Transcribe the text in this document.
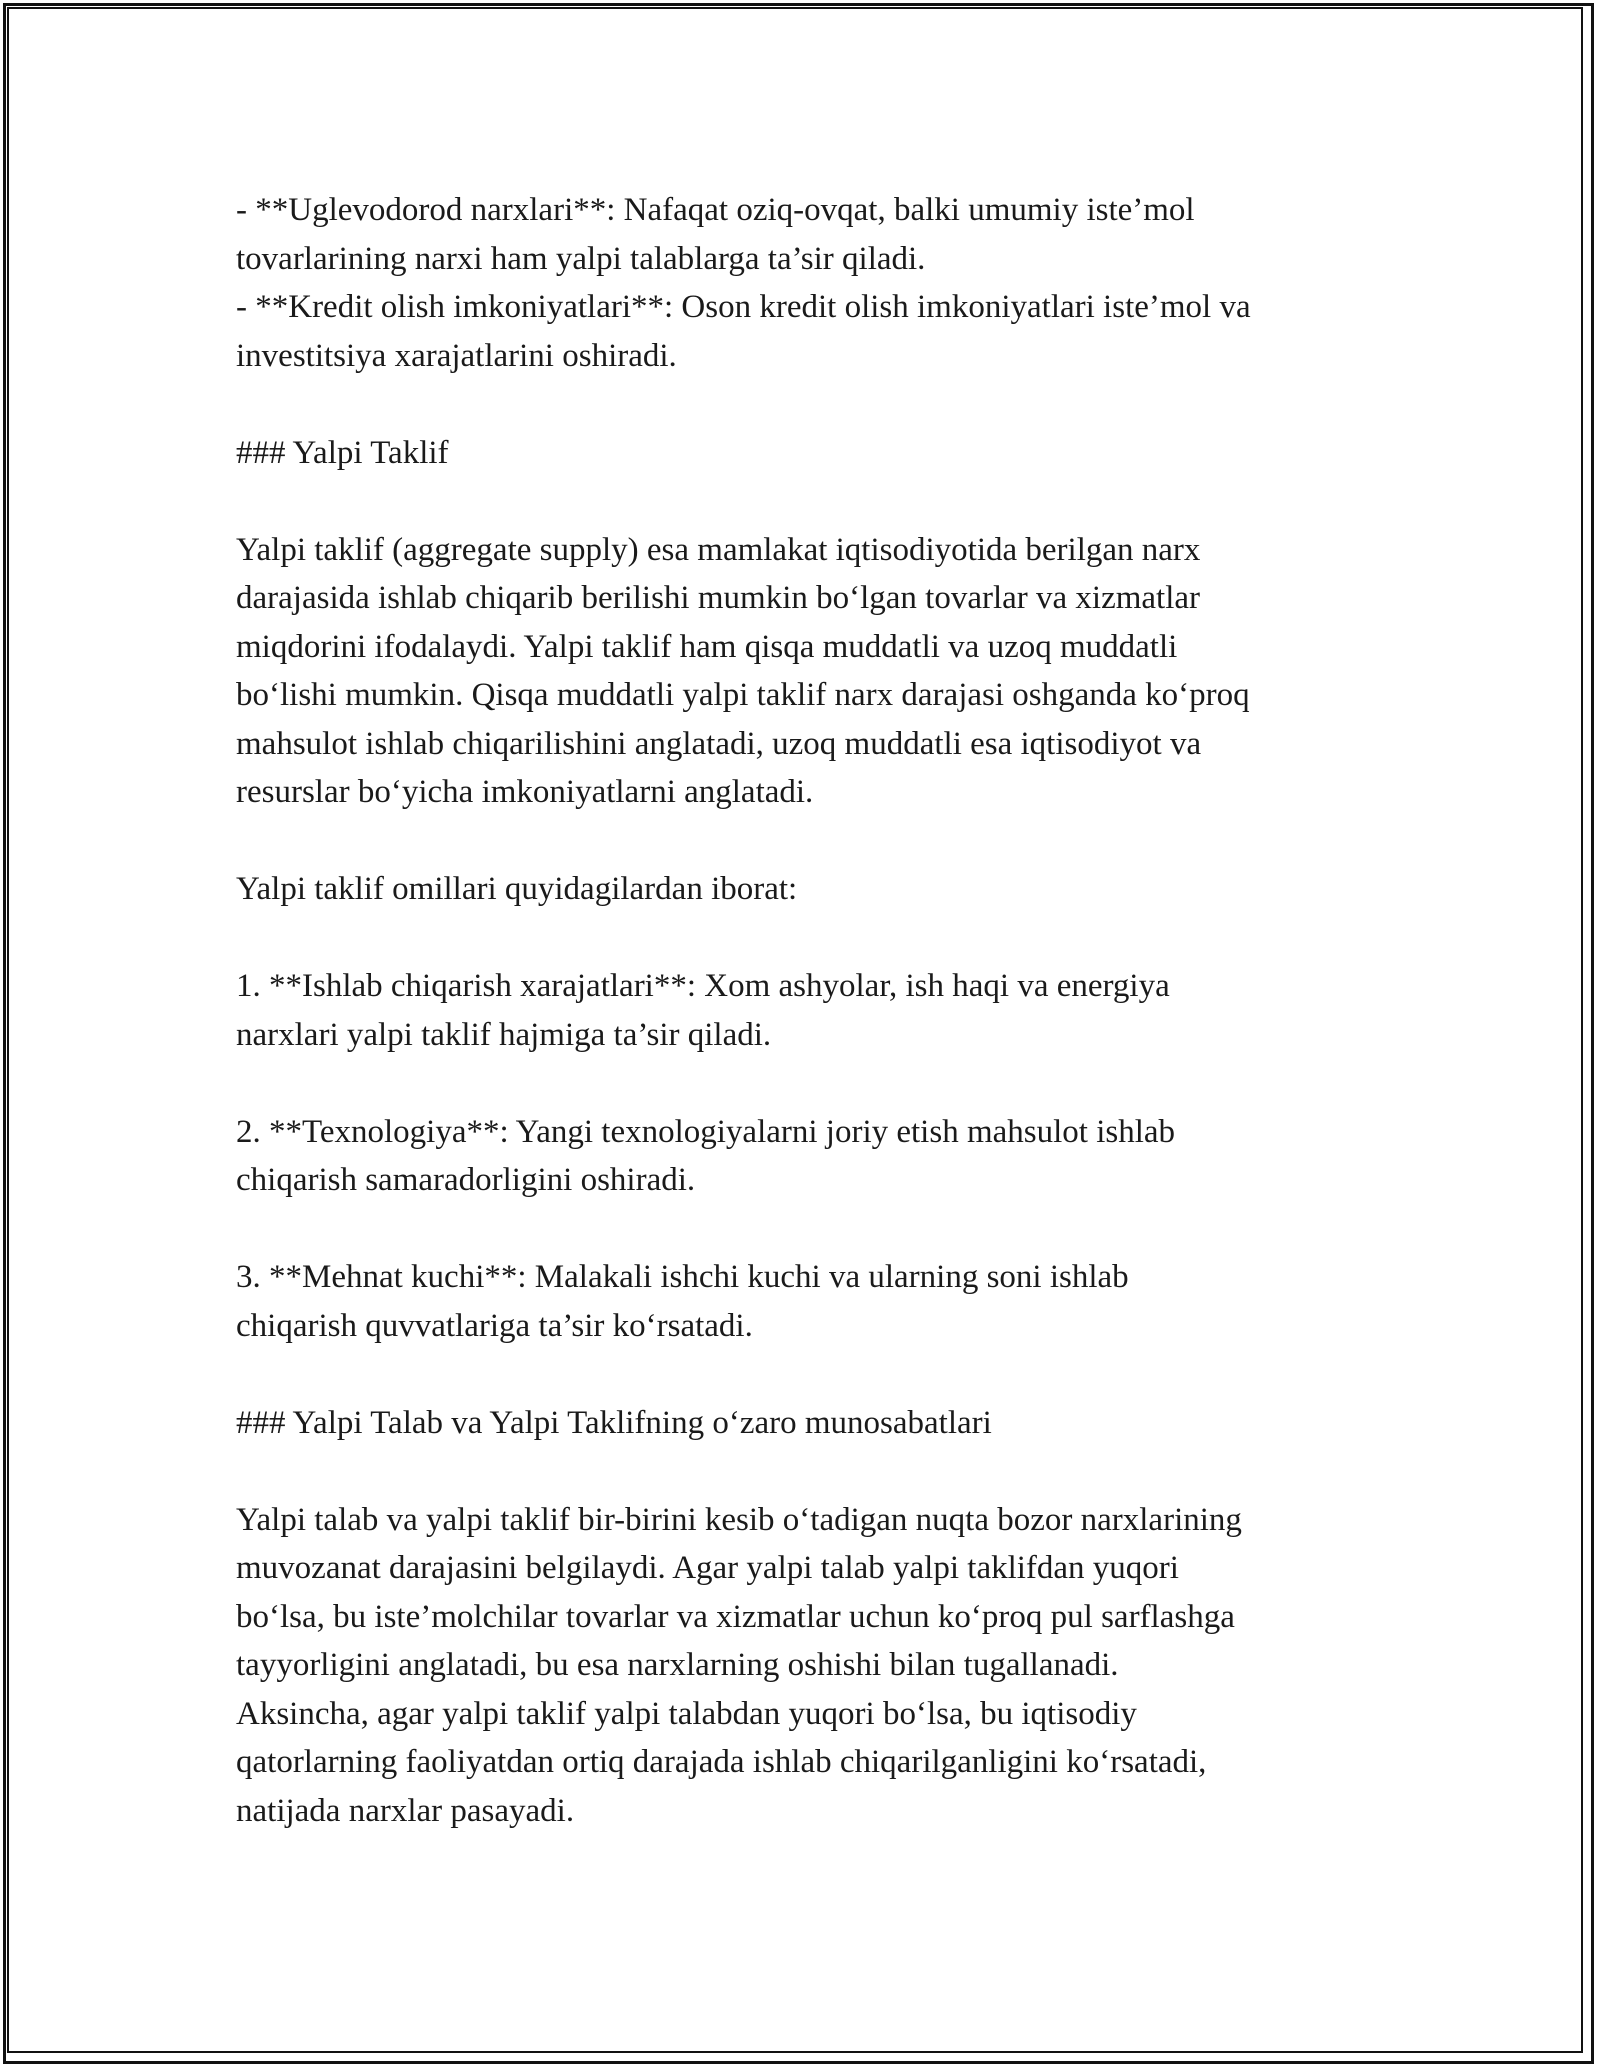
- **Uglevodorod narxlari**: Nafaqat oziq-ovqat, balki umumiy iste’mol

tovarlarining narxi ham yalpi talablarga ta’sir qiladi.

- **Kredit olish imkoniyatlari**: Oson kredit olish imkoniyatlari iste’mol va

investitsiya xarajatlarini oshiradi.

### Yalpi Taklif

Yalpi taklif (aggregate supply) esa mamlakat iqtisodiyotida berilgan narx

darajasida ishlab chiqarib berilishi mumkin bo‘lgan tovarlar va xizmatlar

miqdorini ifodalaydi. Yalpi taklif ham qisqa muddatli va uzoq muddatli

bo‘lishi mumkin. Qisqa muddatli yalpi taklif narx darajasi oshganda ko‘proq

mahsulot ishlab chiqarilishini anglatadi, uzoq muddatli esa iqtisodiyot va

resurslar bo‘yicha imkoniyatlarni anglatadi.

Yalpi taklif omillari quyidagilardan iborat:

1. **Ishlab chiqarish xarajatlari**: Xom ashyolar, ish haqi va energiya

narxlari yalpi taklif hajmiga ta’sir qiladi.

2. **Texnologiya**: Yangi texnologiyalarni joriy etish mahsulot ishlab

chiqarish samaradorligini oshiradi.

3. **Mehnat kuchi**: Malakali ishchi kuchi va ularning soni ishlab

chiqarish quvvatlariga ta’sir ko‘rsatadi.

### Yalpi Talab va Yalpi Taklifning o‘zaro munosabatlari

Yalpi talab va yalpi taklif bir-birini kesib o‘tadigan nuqta bozor narxlarining

muvozanat darajasini belgilaydi. Agar yalpi talab yalpi taklifdan yuqori

bo‘lsa, bu iste’molchilar tovarlar va xizmatlar uchun ko‘proq pul sarflashga

tayyorligini anglatadi, bu esa narxlarning oshishi bilan tugallanadi.

Aksincha, agar yalpi taklif yalpi talabdan yuqori bo‘lsa, bu iqtisodiy

qatorlarning faoliyatdan ortiq darajada ishlab chiqarilganligini ko‘rsatadi,

natijada narxlar pasayadi.
